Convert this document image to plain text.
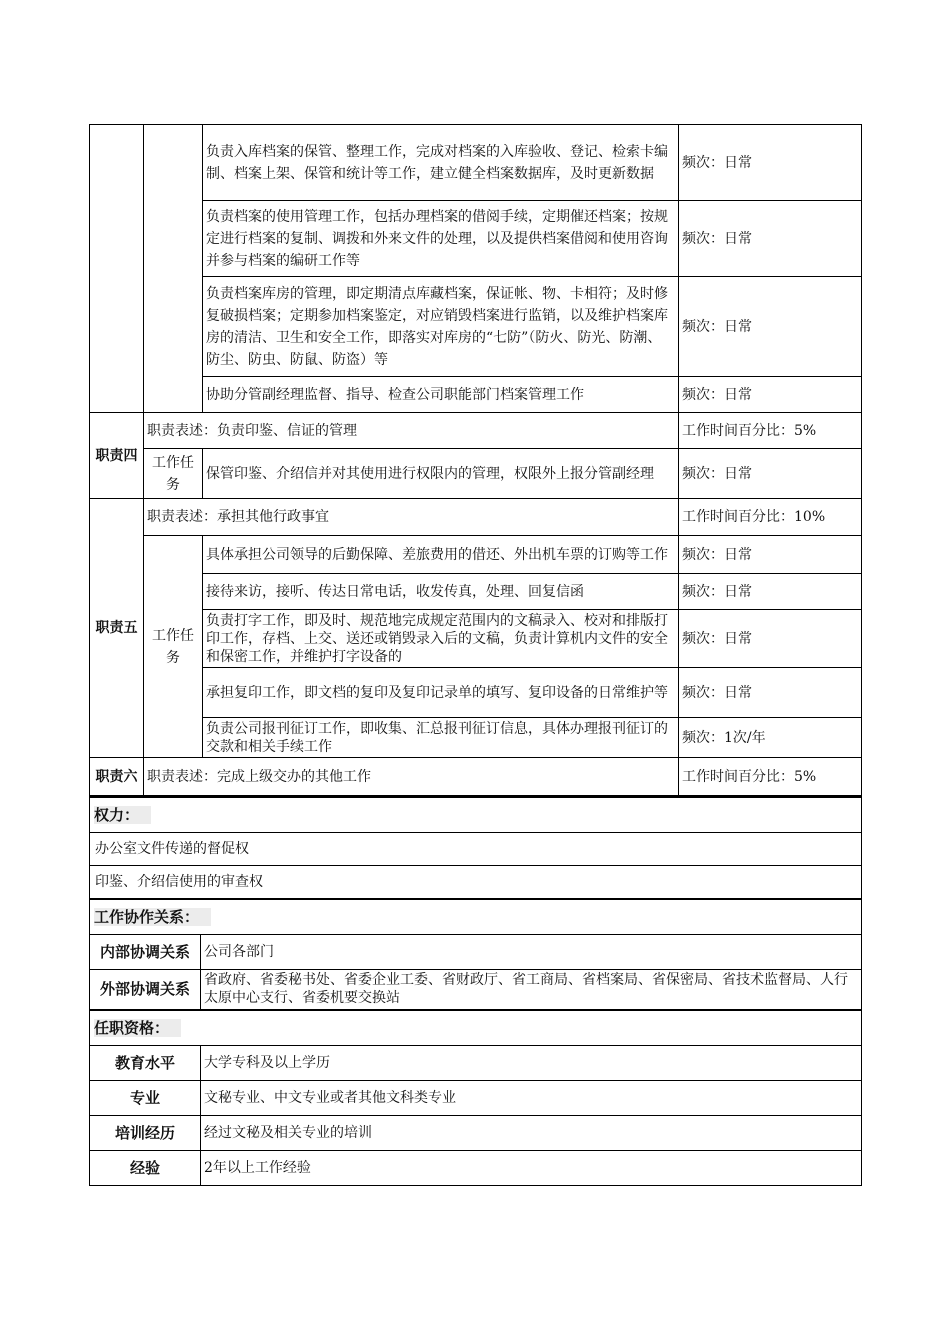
		负责入库档案的保管、整理工作，完成对档案的入库验收、登记、检索卡编制、档案上架、保管和统计等工作，建立健全档案数据库，及时更新数据	频次：日常
		负责档案的使用管理工作，包括办理档案的借阅手续，定期催还档案；按规定进行档案的复制、调拨和外来文件的处理，以及提供档案借阅和使用咨询并参与档案的编研工作等	频次：日常
		负责档案库房的管理，即定期清点库藏档案，保证帐、物、卡相符；及时修复破损档案；定期参加档案鉴定，对应销毁档案进行监销，以及维护档案库房的清洁、卫生和安全工作，即落实对库房的“七防”（防火、防光、防潮、防尘、防虫、防鼠、防盗）等	频次：日常
		协助分管副经理监督、指导、检查公司职能部门档案管理工作	频次：日常
职责四	职责表述：负责印鉴、信证的管理		工作时间百分比：5%
	工作任务	保管印鉴、介绍信并对其使用进行权限内的管理，权限外上报分管副经理	频次：日常
职责五	职责表述：承担其他行政事宜		工作时间百分比：10%
	工作任务	具体承担公司领导的后勤保障、差旅费用的借还、外出机车票的订购等工作	频次：日常
		接待来访，接听、传达日常电话，收发传真，处理、回复信函	频次：日常
		负责打字工作，即及时、规范地完成规定范围内的文稿录入、校对和排版打印工作，存档、上交、送还或销毁录入后的文稿，负责计算机内文件的安全和保密工作，并维护打字设备的	频次：日常
		承担复印工作，即文档的复印及复印记录单的填写、复印设备的日常维护等	频次：日常
		负责公司报刊征订工作，即收集、汇总报刊征订信息，具体办理报刊征订的交款和相关手续工作	频次：1次/年
职责六	职责表述：完成上级交办的其他工作		工作时间百分比：5%
权力：	
办公室文件传递的督促权	
印鉴、介绍信使用的审查权	
工作协作关系：	
内部协调关系	公司各部门
外部协调关系	省政府、省委秘书处、省委企业工委、省财政厅、省工商局、省档案局、省保密局、省技术监督局、人行太原中心支行、省委机要交换站
任职资格：	
教育水平	大学专科及以上学历
专业	文秘专业、中文专业或者其他文科类专业
培训经历	经过文秘及相关专业的培训
经验	2年以上工作经验
